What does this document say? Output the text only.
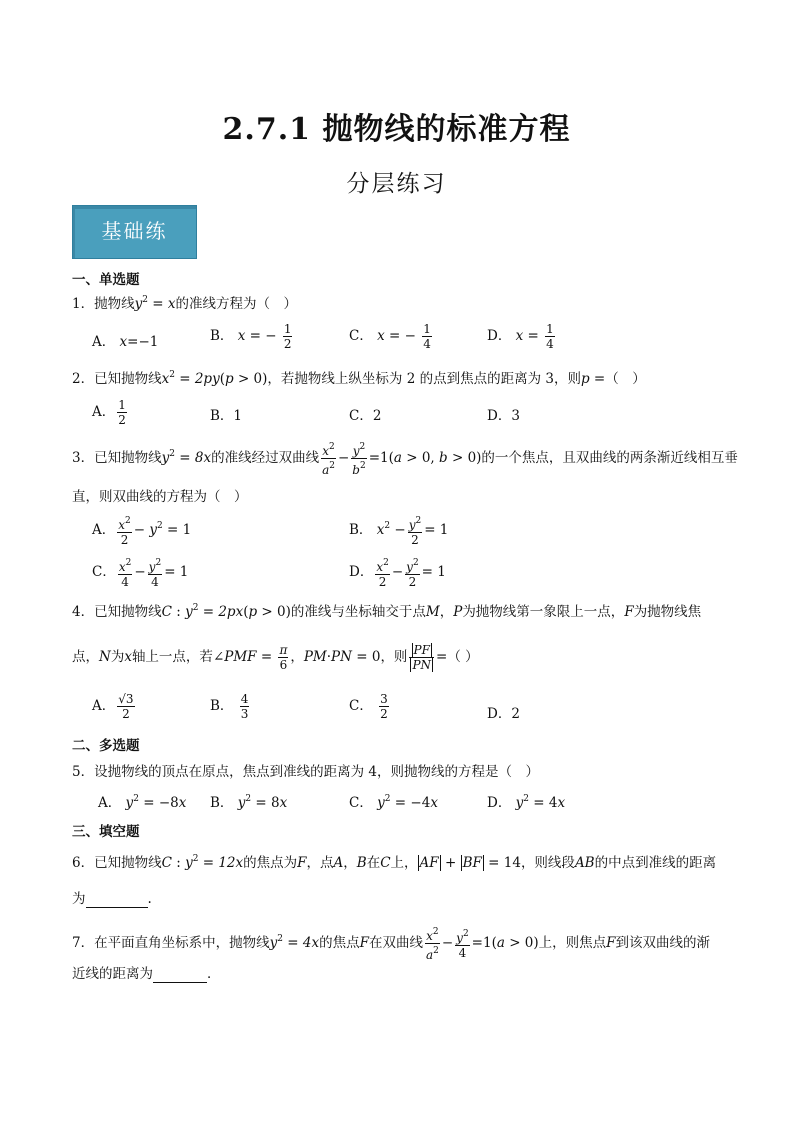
2.7.1 抛物线的标准方程
分层练习
基础练
一、单选题
1．抛物线$y^2 = x$的准线方程为（　）
A． x=−1	B． x = − $\frac{1}{2}$	C． x = − $\frac{1}{4}$	D． $x = \frac{1}{4}$
2．已知抛物线$x^2 = 2py(p > 0)$，若抛物线上纵坐标为 2 的点到焦点的距离为 3，则p =（　）
A． $\frac{1}{2}$	B．1	C．2	D．3
3．已知抛物线$y^2 = 8x$的准线经过双曲线 $\frac{x^2}{a^2} - \frac{y^2}{b^2} =1(a > 0$, b > 0)的一个焦点，且双曲线的两条渐近线相互垂
直，则双曲线的方程为（　）
A． $\frac{x^2}{2} - y^2 = 1$	B． $x^2 - \frac{y^2}{2} = 1$
C． $\frac{x^2}{4} - \frac{y^2}{4} = 1$	D． $\frac{x^2}{2} - \frac{y^2}{2} = 1$
4．已知抛物线C : $y^2 = 2px(p > 0)$的准线与坐标轴交于点M，P为抛物线第一象限上一点，F为抛物线焦
点，N为x轴上一点，若∠PMF = $\frac{\pi}{6}$ ，PM·PN = 0，则 $\frac{PF}{PN}$ =（ ）
A． $\frac{√3}{2}$	B． $\frac{4}{3}$	C． $\frac{3}{2}$	D．2
二、多选题
5．设抛物线的顶点在原点，焦点到准线的距离为 4，则抛物线的方程是（　）
A． $y^2 = -8x$ B． $y^2 = 8x$	C． $y^2 = -4x$	D． $y^2 = 4x$
三、填空题
6．已知抛物线C : $y^2 = 12x$的焦点为F，点A，B在C上， AF + BF = 14，则线段AB的中点到准线的距离
为	.
7．在平面直角坐标系中，抛物线$y^2 = 4x$的焦点F在双曲线 $\frac{x^2}{a^2} - \frac{y^2}{4} =1(a > 0)$上，则焦点F到该双曲线的渐
近线的距离为	．
